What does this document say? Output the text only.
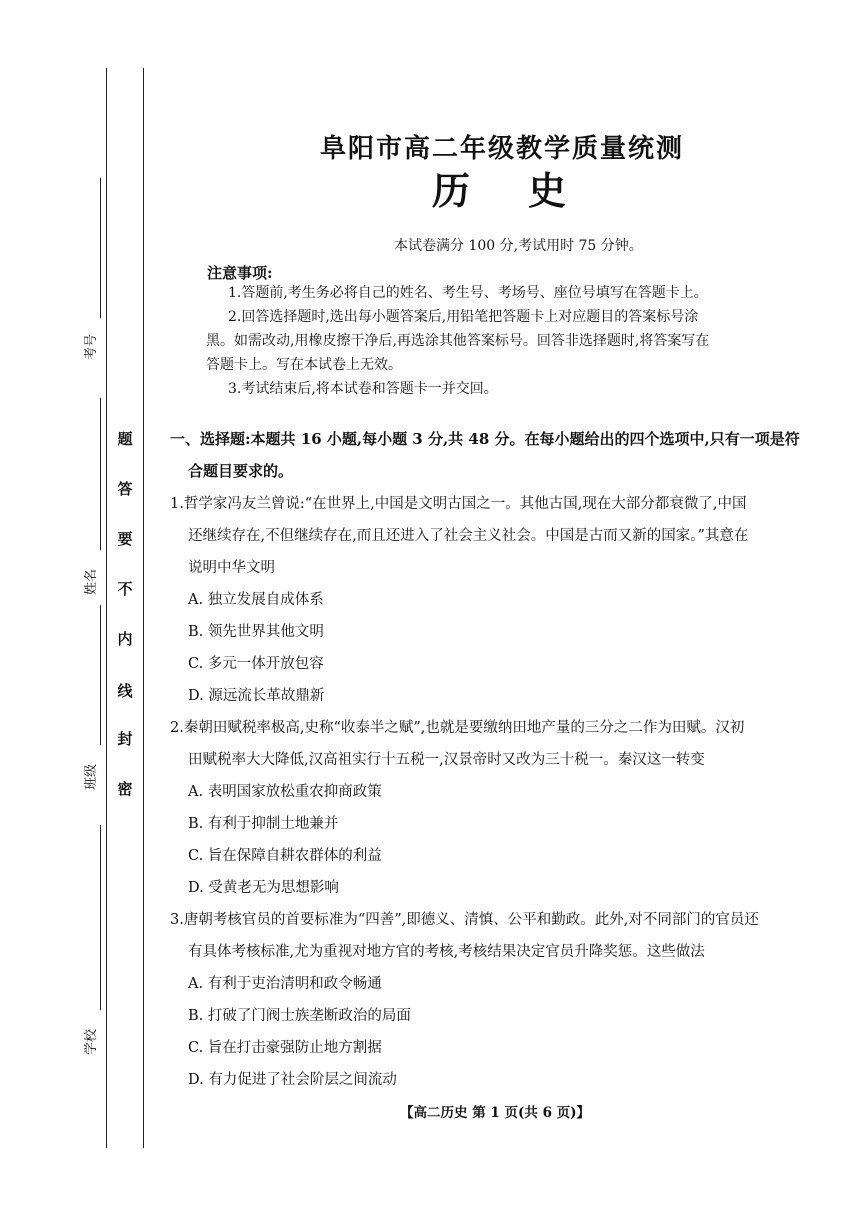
考号
姓名
班级
学校
题
答
要
不
内
线
封
密
阜阳市高二年级教学质量统测
历史
本试卷满分 100 分,考试用时 75 分钟。
注意事项:
1.答题前,考生务必将自己的姓名、考生号、考场号、座位号填写在答题卡上。
2.回答选择题时,选出每小题答案后,用铅笔把答题卡上对应题目的答案标号涂
黑。如需改动,用橡皮擦干净后,再选涂其他答案标号。回答非选择题时,将答案写在
答题卡上。写在本试卷上无效。
3.考试结束后,将本试卷和答题卡一并交回。
一、选择题:本题共 16 小题,每小题 3 分,共 48 分。在每小题给出的四个选项中,只有一项是符
合题目要求的。
1.哲学家冯友兰曾说:“在世界上,中国是文明古国之一。其他古国,现在大部分都衰微了,中国
还继续存在,不但继续存在,而且还进入了社会主义社会。中国是古而又新的国家。”其意在
说明中华文明
A. 独立发展自成体系
B. 领先世界其他文明
C. 多元一体开放包容
D. 源远流长革故鼎新
2.秦朝田赋税率极高,史称“收泰半之赋”,也就是要缴纳田地产量的三分之二作为田赋。汉初
田赋税率大大降低,汉高祖实行十五税一,汉景帝时又改为三十税一。秦汉这一转变
A. 表明国家放松重农抑商政策
B. 有利于抑制土地兼并
C. 旨在保障自耕农群体的利益
D. 受黄老无为思想影响
3.唐朝考核官员的首要标准为“四善”,即德义、清慎、公平和勤政。此外,对不同部门的官员还
有具体考核标准,尤为重视对地方官的考核,考核结果决定官员升降奖惩。这些做法
A. 有利于吏治清明和政令畅通
B. 打破了门阀士族垄断政治的局面
C. 旨在打击豪强防止地方割据
D. 有力促进了社会阶层之间流动
【高二历史 第 1 页(共 6 页)】
